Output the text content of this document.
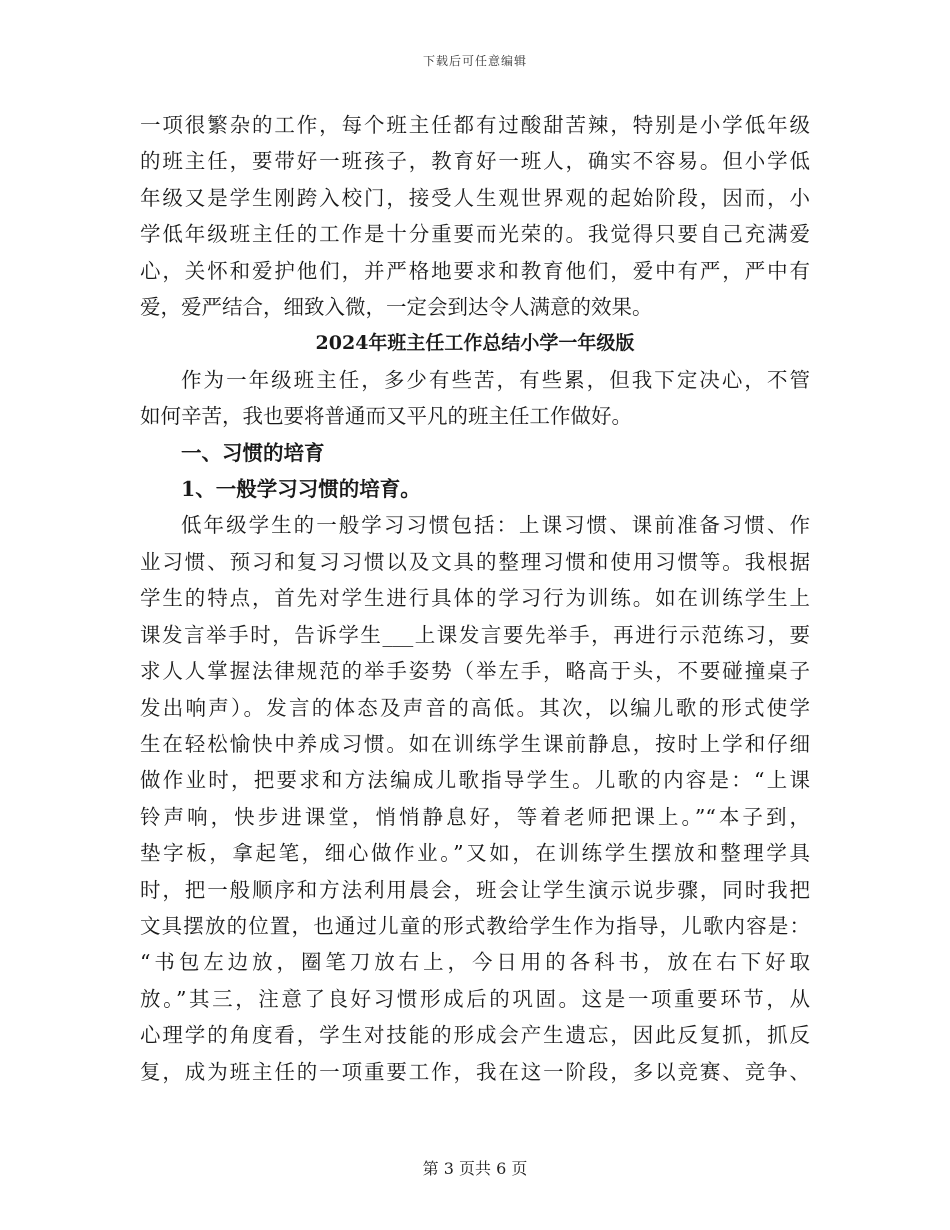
下载后可任意编辑

一项很繁杂的工作，每个班主任都有过酸甜苦辣，特别是小学低年级

的班主任，要带好一班孩子，教育好一班人，确实不容易。但小学低

年级又是学生刚跨入校门，接受人生观世界观的起始阶段，因而，小

学低年级班主任的工作是十分重要而光荣的。我觉得只要自己充满爱

心，关怀和爱护他们，并严格地要求和教育他们，爱中有严，严中有

爱，爱严结合，细致入微，一定会到达令人满意的效果。

2024年班主任工作总结小学一年级版

作为一年级班主任，多少有些苦，有些累，但我下定决心，不管

如何辛苦，我也要将普通而又平凡的班主任工作做好。

一、习惯的培育

1、一般学习习惯的培育。

低年级学生的一般学习习惯包括：上课习惯、课前准备习惯、作

业习惯、预习和复习习惯以及文具的整理习惯和使用习惯等。我根据

学生的特点，首先对学生进行具体的学习行为训练。如在训练学生上

课发言举手时，告诉学生___上课发言要先举手，再进行示范练习，要

求人人掌握法律规范的举手姿势（举左手，略高于头，不要碰撞桌子

发出响声）。发言的体态及声音的高低。其次，以编儿歌的形式使学

生在轻松愉快中养成习惯。如在训练学生课前静息，按时上学和仔细

做作业时，把要求和方法编成儿歌指导学生。儿歌的内容是：“上课

铃声响，快步进课堂，悄悄静息好，等着老师把课上。”“本子到，

垫字板，拿起笔，细心做作业。”又如，在训练学生摆放和整理学具

时，把一般顺序和方法利用晨会，班会让学生演示说步骤，同时我把

文具摆放的位置，也通过儿童的形式教给学生作为指导，儿歌内容是：

“书包左边放，圈笔刀放右上，今日用的各科书，放在右下好取

放。”其三，注意了良好习惯形成后的巩固。这是一项重要环节，从

心理学的角度看，学生对技能的形成会产生遗忘，因此反复抓，抓反

复，成为班主任的一项重要工作，我在这一阶段，多以竞赛、竞争、

第 3 页共 6 页
